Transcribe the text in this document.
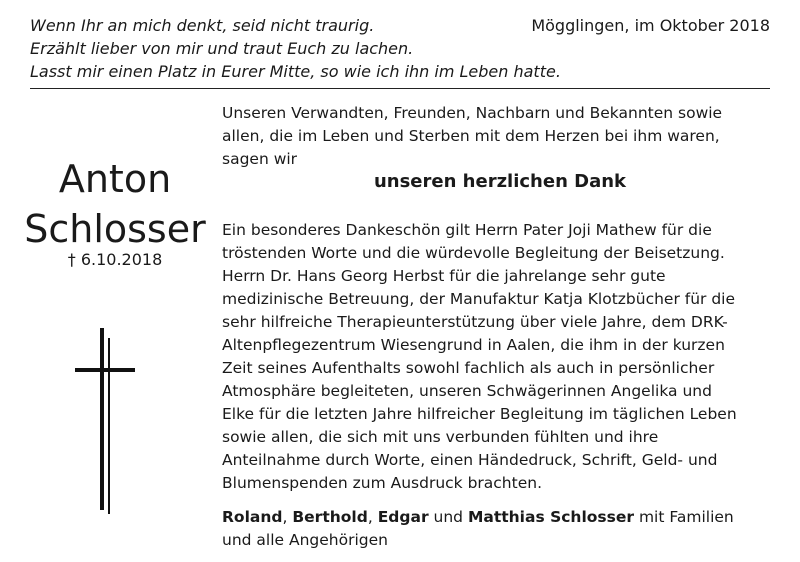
Wenn Ihr an mich denkt, seid nicht traurig.
Erzählt lieber von mir und traut Euch zu lachen.
Lasst mir einen Platz in Eurer Mitte, so wie ich ihn im Leben hatte.
Mögglingen, im Oktober 2018
Anton
Schlosser
† 6.10.2018
Unseren Verwandten, Freunden, Nachbarn und Bekannten sowie
allen, die im Leben und Sterben mit dem Herzen bei ihm waren,
sagen wir
unseren herzlichen Dank
Ein besonderes Dankeschön gilt Herrn Pater Joji Mathew für die
tröstenden Worte und die würdevolle Begleitung der Beisetzung.
Herrn Dr. Hans Georg Herbst für die jahrelange sehr gute
medizinische Betreuung, der Manufaktur Katja Klotzbücher für die
sehr hilfreiche Therapieunterstützung über viele Jahre, dem DRK-
Altenpflegezentrum Wiesengrund in Aalen, die ihm in der kurzen
Zeit seines Aufenthalts sowohl fachlich als auch in persönlicher
Atmosphäre begleiteten, unseren Schwägerinnen Angelika und
Elke für die letzten Jahre hilfreicher Begleitung im täglichen Leben
sowie allen, die sich mit uns verbunden fühlten und ihre
Anteilnahme durch Worte, einen Händedruck, Schrift, Geld- und
Blumenspenden zum Ausdruck brachten.
Roland, Berthold, Edgar und Matthias Schlosser mit Familien
und alle Angehörigen
